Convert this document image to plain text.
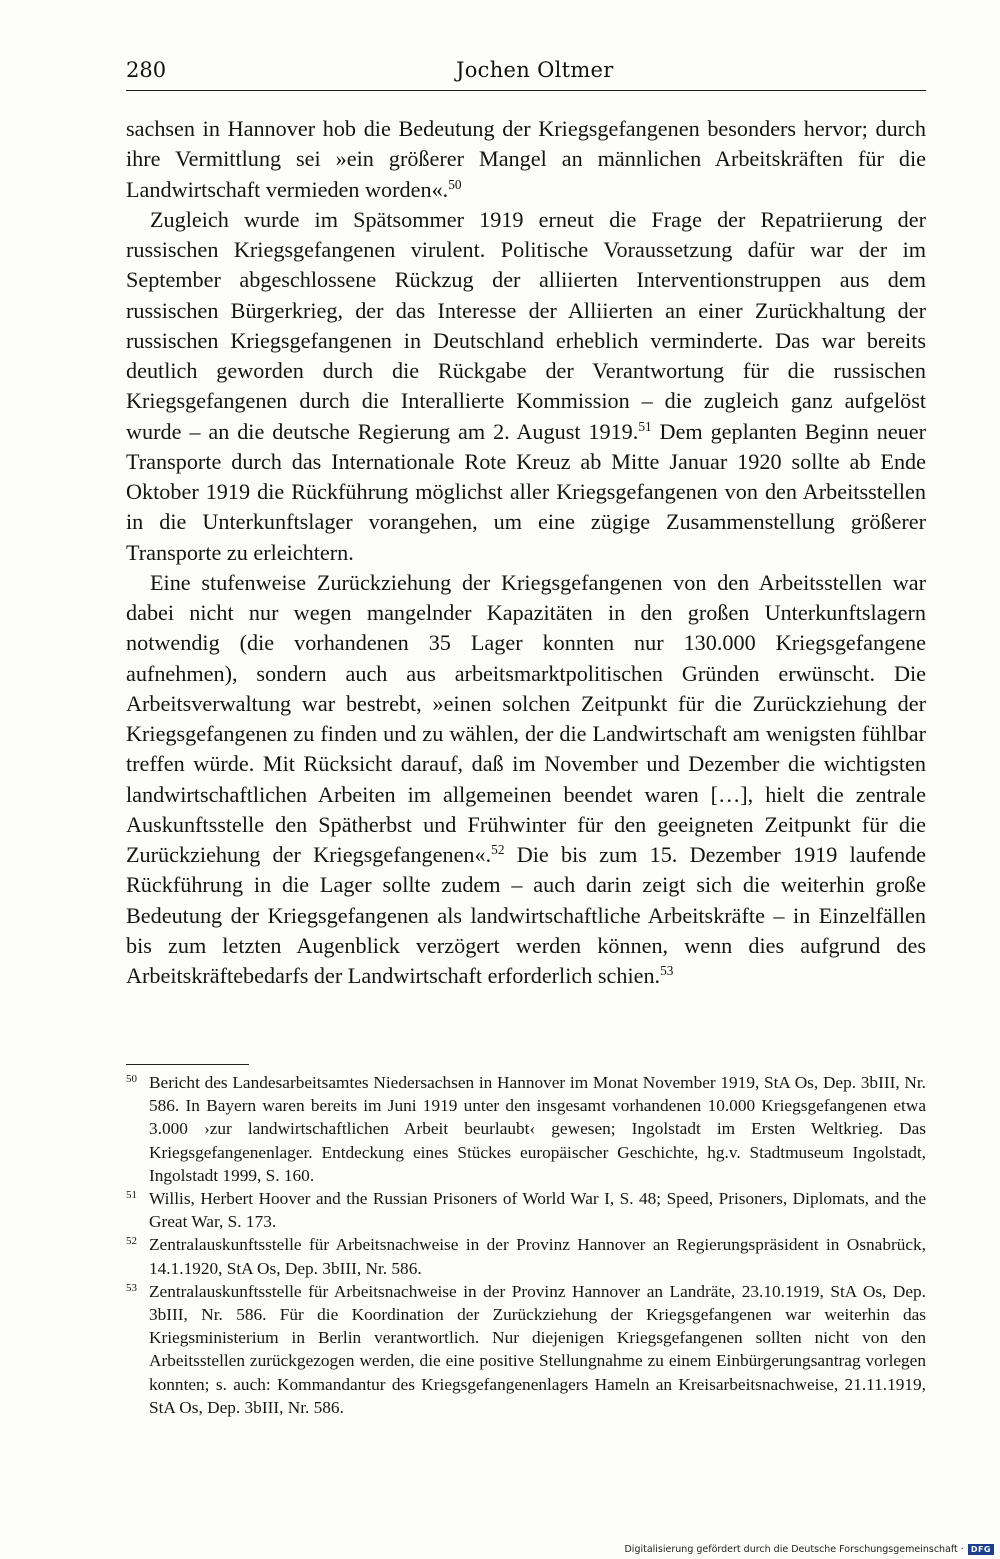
280	Jochen Oltmer

sachsen in Hannover hob die Bedeutung der Kriegsgefangenen besonders hervor; durch ihre Vermittlung sei »ein größerer Mangel an männlichen Arbeitskräften für die Landwirtschaft vermieden worden«.$^{50}$

Zugleich wurde im Spätsommer 1919 erneut die Frage der Repatriierung der russischen Kriegsgefangenen virulent. Politische Voraussetzung dafür war der im September abgeschlossene Rückzug der alliierten Interventionstruppen aus dem russischen Bürgerkrieg, der das Interesse der Alliierten an einer Zurückhaltung der russischen Kriegsgefangenen in Deutschland erheblich verminderte. Das war bereits deutlich geworden durch die Rückgabe der Verantwortung für die russischen Kriegsgefangenen durch die Interallierte Kommission – die zugleich ganz aufgelöst wurde – an die deutsche Regierung am 2. August 1919.51 Dem geplanten Beginn neuer Transporte durch das Internationale Rote Kreuz ab Mitte Januar 1920 sollte ab Ende Oktober 1919 die Rückführung möglichst aller Kriegsgefangenen von den Arbeitsstellen in die Unterkunftslager vorangehen, um eine zügige Zusammenstellung größerer Transporte zu erleichtern.

Eine stufenweise Zurückziehung der Kriegsgefangenen von den Arbeitsstellen war dabei nicht nur wegen mangelnder Kapazitäten in den großen Unterkunftslagern notwendig (die vorhandenen 35 Lager konnten nur 130.000 Kriegsgefangene aufnehmen), sondern auch aus arbeitsmarktpolitischen Gründen erwünscht. Die Arbeitsverwaltung war bestrebt, »einen solchen Zeitpunkt für die Zurückziehung der Kriegsgefangenen zu finden und zu wählen, der die Landwirtschaft am wenigsten fühlbar treffen würde. Mit Rücksicht darauf, daß im November und Dezember die wichtigsten landwirtschaftlichen Arbeiten im allgemeinen beendet waren […], hielt die zentrale Auskunftsstelle den Spätherbst und Frühwinter für den geeigneten Zeitpunkt für die Zurückziehung der Kriegsgefangenen«.$^{52}$ Die bis zum 15. Dezember 1919 laufende Rückführung in die Lager sollte zudem – auch darin zeigt sich die weiterhin große Bedeutung der Kriegsgefangenen als landwirtschaftliche Arbeitskräfte – in Einzelfällen bis zum letzten Augenblick verzögert werden können, wenn dies aufgrund des Arbeitskräftebedarfs der Landwirtschaft erforderlich schien.$^{53}$

50 Bericht des Landesarbeitsamtes Niedersachsen in Hannover im Monat November 1919, StA Os, Dep. 3bIII, Nr. 586. In Bayern waren bereits im Juni 1919 unter den insgesamt vorhandenen 10.000 Kriegsgefangenen etwa 3.000 ›zur landwirtschaftlichen Arbeit beurlaubt‹ gewesen; Ingolstadt im Ersten Weltkrieg. Das Kriegsgefangenenlager. Entdeckung eines Stückes europäischer Geschichte, hg.v. Stadtmuseum Ingolstadt, Ingolstadt 1999, S. 160.

51 Willis, Herbert Hoover and the Russian Prisoners of World War I, S. 48; Speed, Prisoners, Diplomats, and the Great War, S. 173.

52 Zentralauskunftsstelle für Arbeitsnachweise in der Provinz Hannover an Regierungspräsident in Osnabrück, 14.1.1920, StA Os, Dep. 3bIII, Nr. 586.

53 Zentralauskunftsstelle für Arbeitsnachweise in der Provinz Hannover an Landräte, 23.10.1919, StA Os, Dep. 3bIII, Nr. 586. Für die Koordination der Zurückziehung der Kriegsgefangenen war weiterhin das Kriegsministerium in Berlin verantwortlich. Nur diejenigen Kriegsgefangenen sollten nicht von den Arbeitsstellen zurückgezogen werden, die eine positive Stellungnahme zu einem Einbürgerungsantrag vorlegen konnten; s. auch: Kommandantur des Kriegsgefangenenlagers Hameln an Kreisarbeitsnachweise, 21.11.1919, StA Os, Dep. 3bIII, Nr. 586.

Digitalisierung gefördert durch die Deutsche Forschungsgemeinschaft · DFG
